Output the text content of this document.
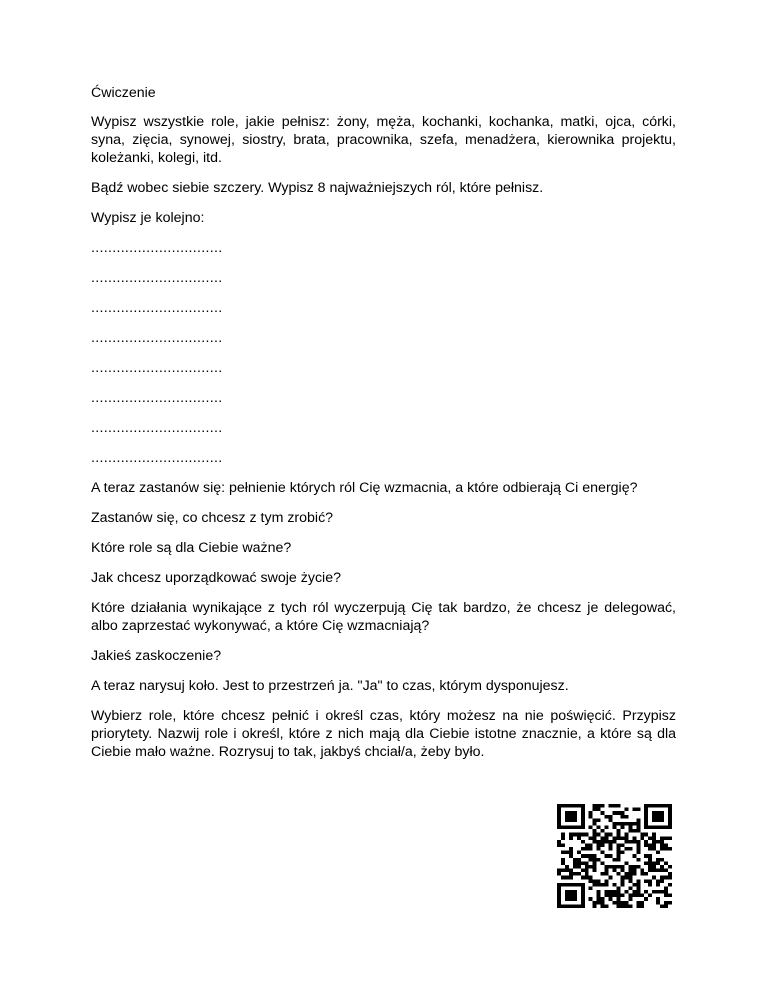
Ćwiczenie

Wypisz wszystkie role, jakie pełnisz: żony, męża, kochanki, kochanka, matki, ojca, córki, syna, zięcia, synowej, siostry, brata, pracownika, szefa, menadżera, kierownika projektu, koleżanki, kolegi, itd.

Bądź wobec siebie szczery. Wypisz 8 najważniejszych ról, które pełnisz.

Wypisz je kolejno:

...............................

...............................

...............................

...............................

...............................

...............................

...............................

...............................

A teraz zastanów się: pełnienie których ról Cię wzmacnia, a które odbierają Ci energię?

Zastanów się, co chcesz z tym zrobić?

Które role są dla Ciebie ważne?

Jak chcesz uporządkować swoje życie?

Które działania wynikające z tych ról wyczerpują Cię tak bardzo, że chcesz je delegować, albo zaprzestać wykonywać, a które Cię wzmacniają?

Jakieś zaskoczenie?

A teraz narysuj koło. Jest to przestrzeń ja. "Ja" to czas, którym dysponujesz.

Wybierz role, które chcesz pełnić i określ czas, który możesz na nie poświęcić. Przypisz priorytety. Nazwij role i określ, które z nich mają dla Ciebie istotne znacznie, a które są dla Ciebie mało ważne. Rozrysuj to tak, jakbyś chciał/a, żeby było.
